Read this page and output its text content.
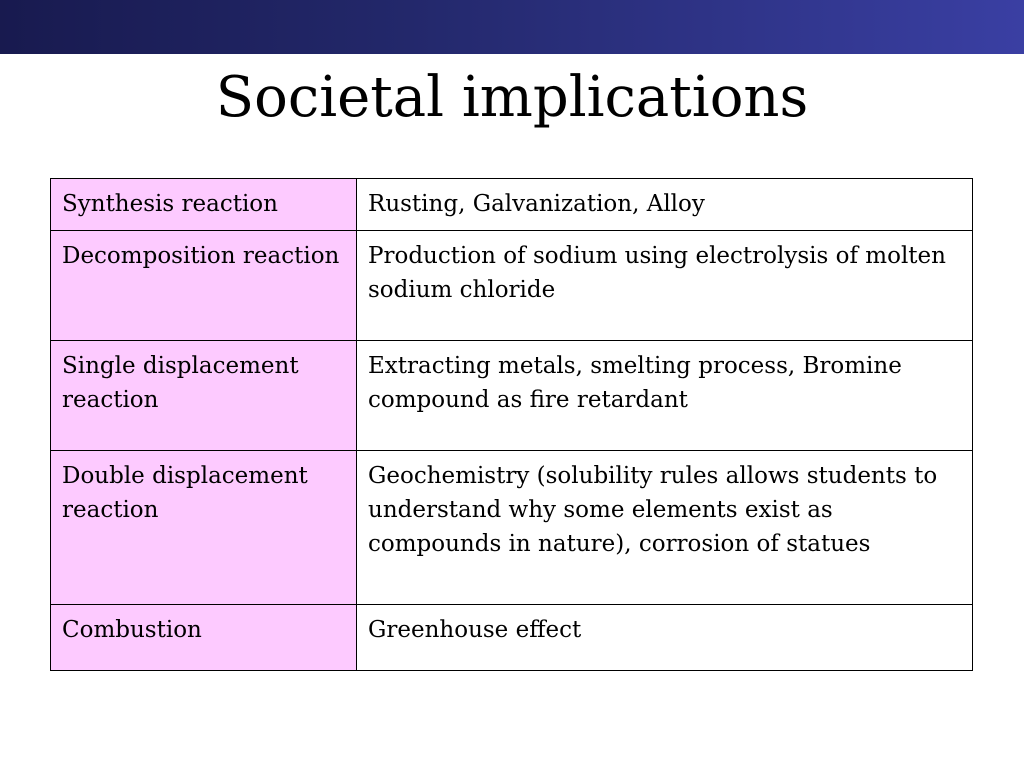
Societal implications
Synthesis reaction	Rusting, Galvanization, Alloy
Decomposition reaction	Production of sodium using electrolysis of molten sodium chloride
Single displacement reaction	Extracting metals, smelting process, Bromine compound as fire retardant
Double displacement reaction	Geochemistry (solubility rules allows students to understand why some elements exist as compounds in nature), corrosion of statues
Combustion	Greenhouse effect
